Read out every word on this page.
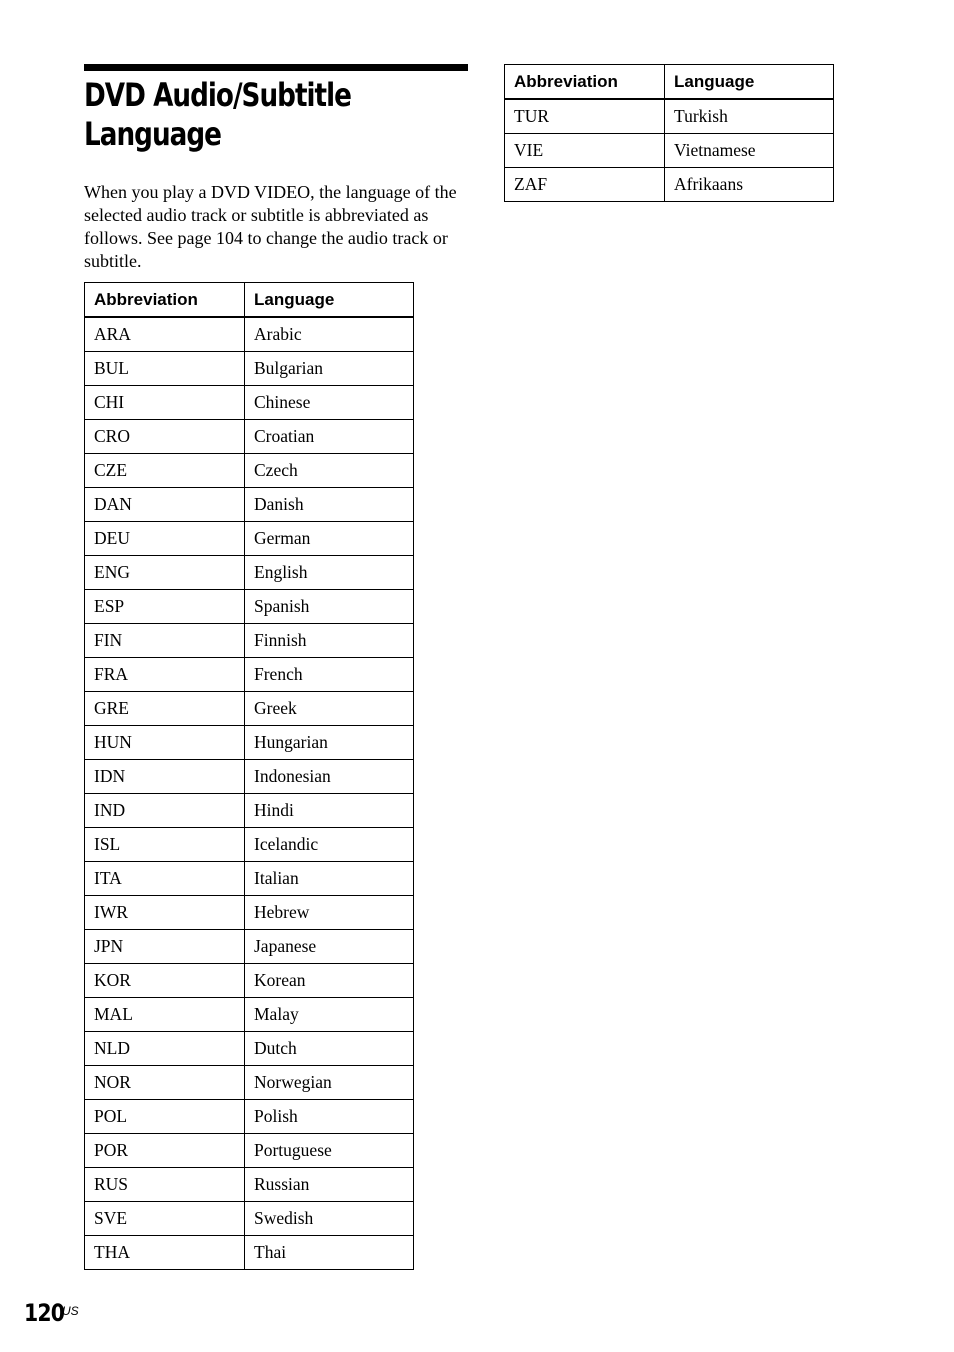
DVD Audio/Subtitle Language

When you play a DVD VIDEO, the language of the selected audio track or subtitle is abbreviated as follows. See page 104 to change the audio track or subtitle.

Abbreviation	Language
ARA	Arabic
BUL	Bulgarian
CHI	Chinese
CRO	Croatian
CZE	Czech
DAN	Danish
DEU	German
ENG	English
ESP	Spanish
FIN	Finnish
FRA	French
GRE	Greek
HUN	Hungarian
IDN	Indonesian
IND	Hindi
ISL	Icelandic
ITA	Italian
IWR	Hebrew
JPN	Japanese
KOR	Korean
MAL	Malay
NLD	Dutch
NOR	Norwegian
POL	Polish
POR	Portuguese
RUS	Russian
SVE	Swedish
THA	Thai
Abbreviation	Language
TUR	Turkish
VIE	Vietnamese
ZAF	Afrikaans
120
US
